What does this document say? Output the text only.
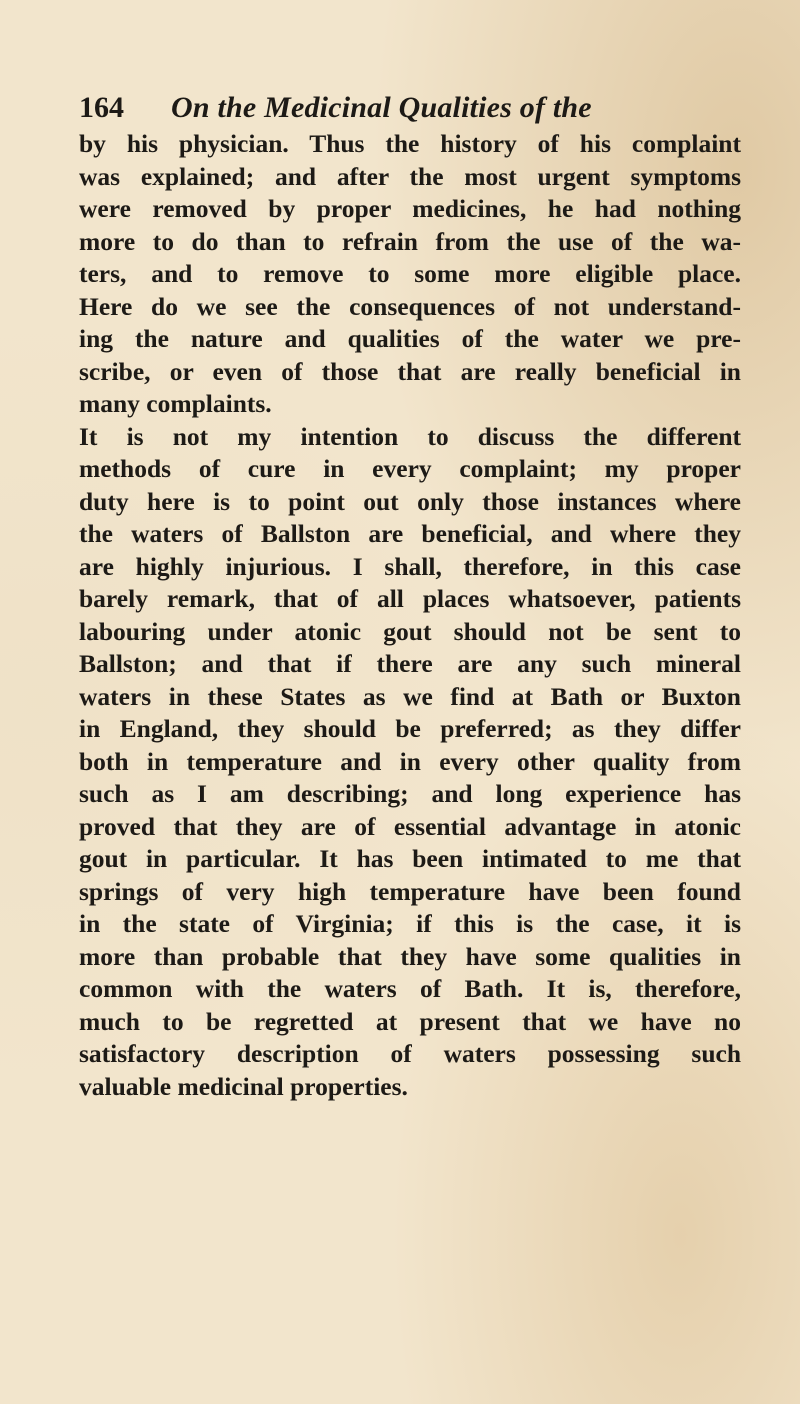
164 On the Medicinal Qualities of the
by his physician. Thus the history of his complaint
was explained; and after the most urgent symptoms
were removed by proper medicines, he had nothing
more to do than to refrain from the use of the wa-
ters, and to remove to some more eligible place.
Here do we see the consequences of not understand-
ing the nature and qualities of the water we pre-
scribe, or even of those that are really beneficial in
many complaints.
It is not my intention to discuss the different
methods of cure in every complaint; my proper
duty here is to point out only those instances where
the waters of Ballston are beneficial, and where they
are highly injurious. I shall, therefore, in this case
barely remark, that of all places whatsoever, patients
labouring under atonic gout should not be sent to
Ballston; and that if there are any such mineral
waters in these States as we find at Bath or Buxton
in England, they should be preferred; as they differ
both in temperature and in every other quality from
such as I am describing; and long experience has
proved that they are of essential advantage in atonic
gout in particular. It has been intimated to me that
springs of very high temperature have been found
in the state of Virginia; if this is the case, it is
more than probable that they have some qualities in
common with the waters of Bath. It is, therefore,
much to be regretted at present that we have no
satisfactory description of waters possessing such
valuable medicinal properties.
